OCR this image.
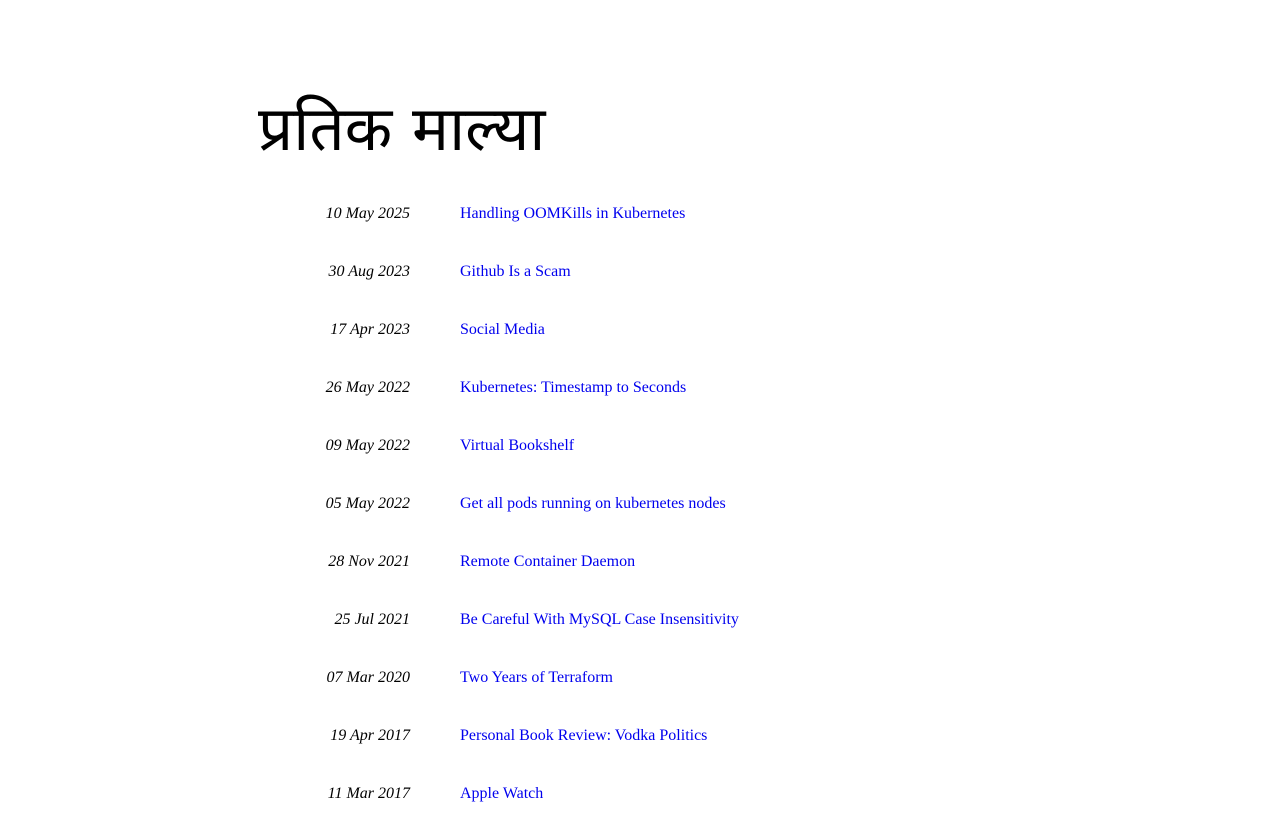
प्रतिक माल्या
10 May 2025	Handling OOMKills in Kubernetes
30 Aug 2023	Github Is a Scam
17 Apr 2023	Social Media
26 May 2022	Kubernetes: Timestamp to Seconds
09 May 2022	Virtual Bookshelf
05 May 2022	Get all pods running on kubernetes nodes
28 Nov 2021	Remote Container Daemon
25 Jul 2021	Be Careful With MySQL Case Insensitivity
07 Mar 2020	Two Years of Terraform
19 Apr 2017	Personal Book Review: Vodka Politics
11 Mar 2017	Apple Watch
